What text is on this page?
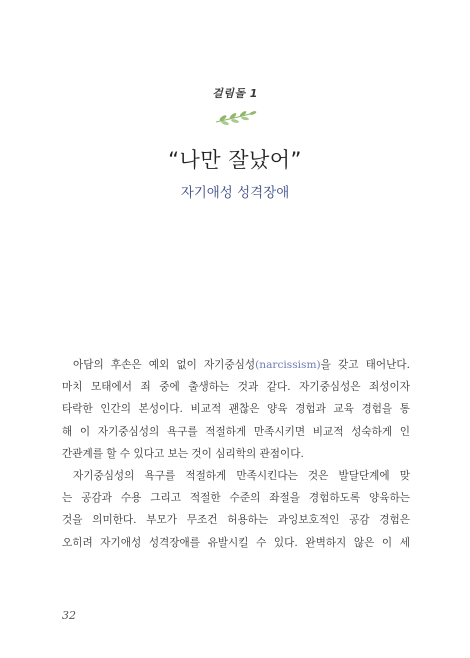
걸림돌 1
“나만 잘났어”
자기애성 성격장애
아담의 후손은 예외 없이 자기중심성(narcissism)을 갖고 태어난다.
마치 모태에서 죄 중에 출생하는 것과 같다. 자기중심성은 죄성이자
타락한 인간의 본성이다. 비교적 괜찮은 양육 경험과 교육 경험을 통
해 이 자기중심성의 욕구를 적절하게 만족시키면 비교적 성숙하게 인
간관계를 할 수 있다고 보는 것이 심리학의 관점이다.
자기중심성의 욕구를 적절하게 만족시킨다는 것은 발달단계에 맞
는 공감과 수용 그리고 적절한 수준의 좌절을 경험하도록 양육하는
것을 의미한다. 부모가 무조건 허용하는 과잉보호적인 공감 경험은
오히려 자기애성 성격장애를 유발시킬 수 있다. 완벽하지 않은 이 세
32
